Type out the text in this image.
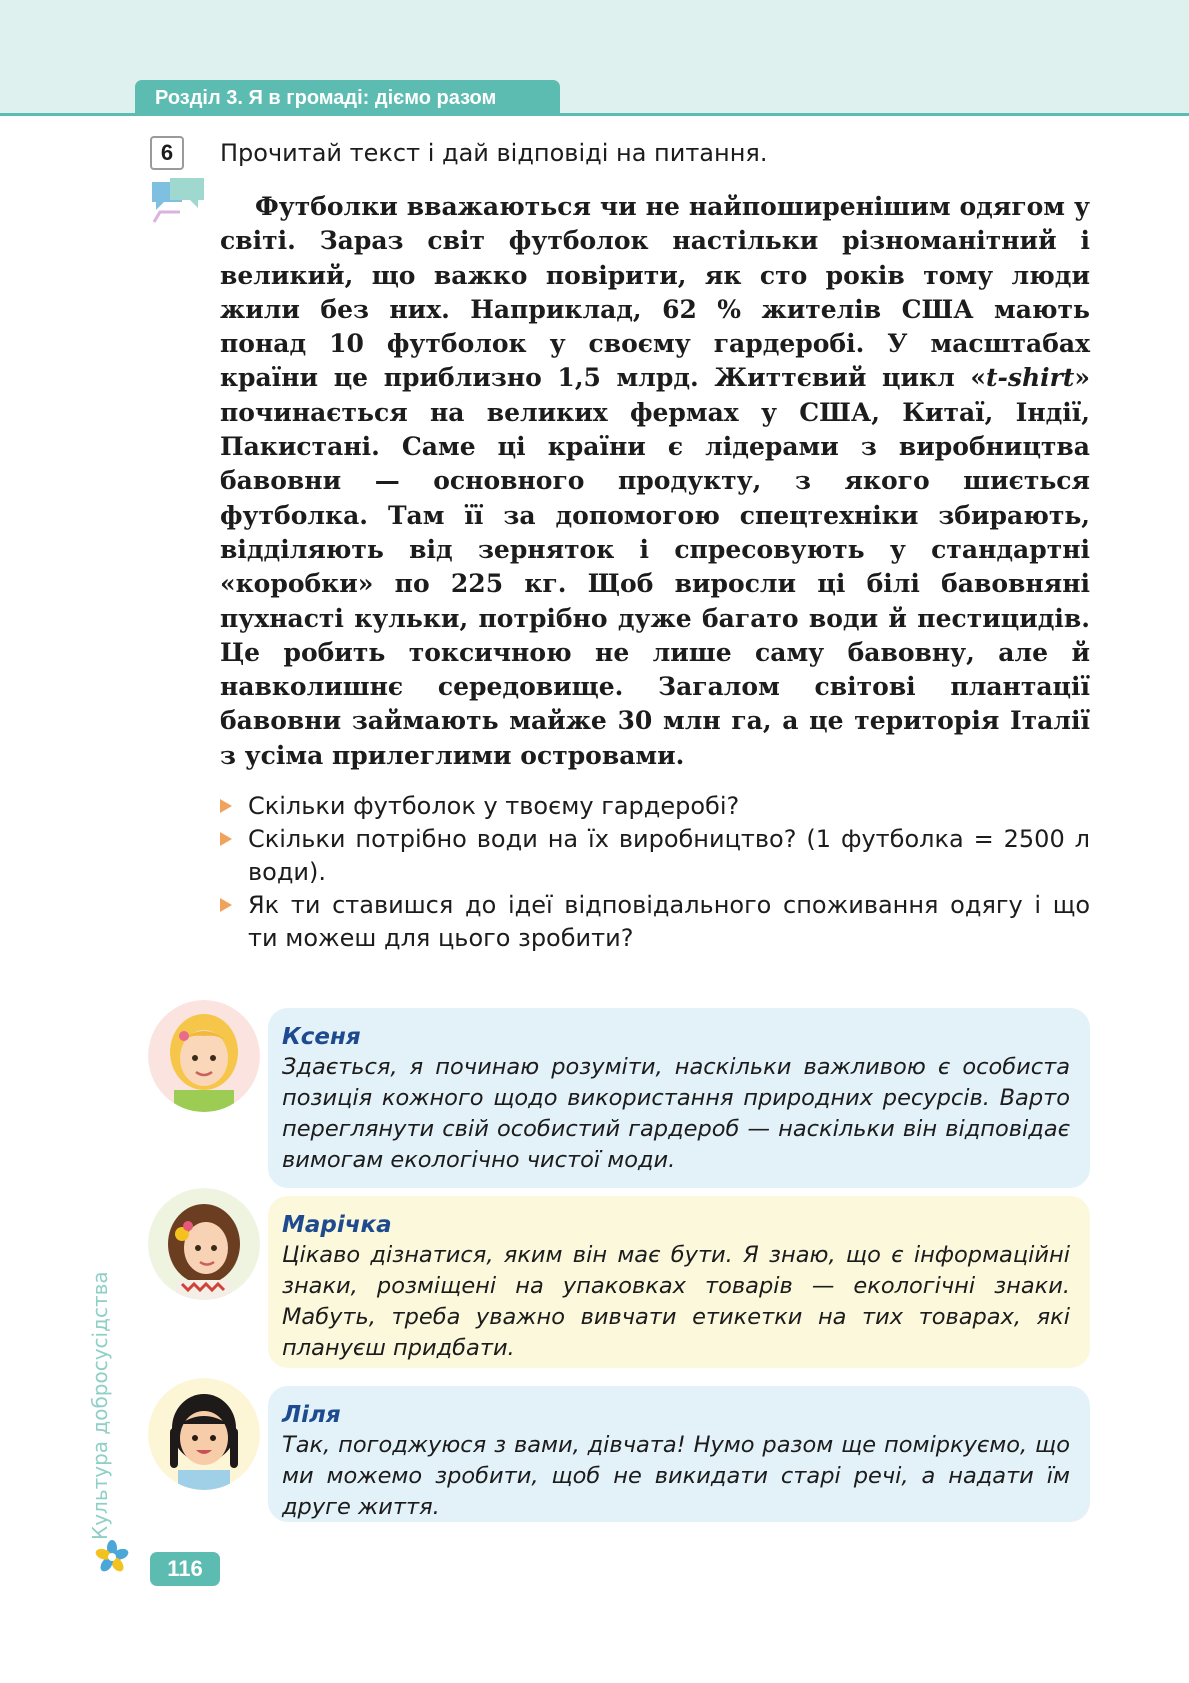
Розділ 3. Я в громаді: діємо разом
6	Прочитай текст і дай відповіді на питання.

Футболки вважаються чи не найпоширенішим одягом у світі. Зараз світ футболок настільки різноманітний і великий, що важко повірити, як сто років тому люди жили без них. Наприклад, 62 % жителів США мають понад 10 футболок у своєму гардеробі. У масштабах країни це приблизно 1,5 млрд. Життєвий цикл «t-shirt» починається на великих фермах у США, Китаї, Індії, Пакистані. Саме ці країни є лідерами з виробництва бавовни — основного продукту, з якого шиється футболка. Там її за допомогою спецтехніки збирають, відділяють від зерняток і спресовують у стандартні «коробки» по 225 кг. Щоб виросли ці білі бавовняні пухнасті кульки, потрібно дуже багато води й пестицидів. Це робить токсичною не лише саму бавовну, але й навколишнє середовище. Загалом світові плантації бавовни займають майже 30 млн га, а це територія Італії з усіма прилеглими островами.

Скільки футболок у твоєму гардеробі?
Скільки потрібно води на їх виробництво? (1 футболка = 2500 л води).
Як ти ставишся до ідеї відповідального споживання одягу і що ти можеш для цього зробити?
Ксеня
Здається, я починаю розуміти, наскільки важливою є особиста позиція кожного щодо використання природних ресурсів. Варто переглянути свій особистий гардероб — наскільки він відповідає вимогам екологічно чистої моди.
Марічка
Цікаво дізнатися, яким він має бути. Я знаю, що є інформаційні знаки, розміщені на упаковках товарів — екологічні знаки. Мабуть, треба уважно вивчати етикетки на тих товарах, які плануєш придбати.
Ліля
Так, погоджуюся з вами, дівчата! Нумо разом ще поміркуємо, що ми можемо зробити, щоб не викидати старі речі, а надати їм друге життя.
Культура добросусідства
116
